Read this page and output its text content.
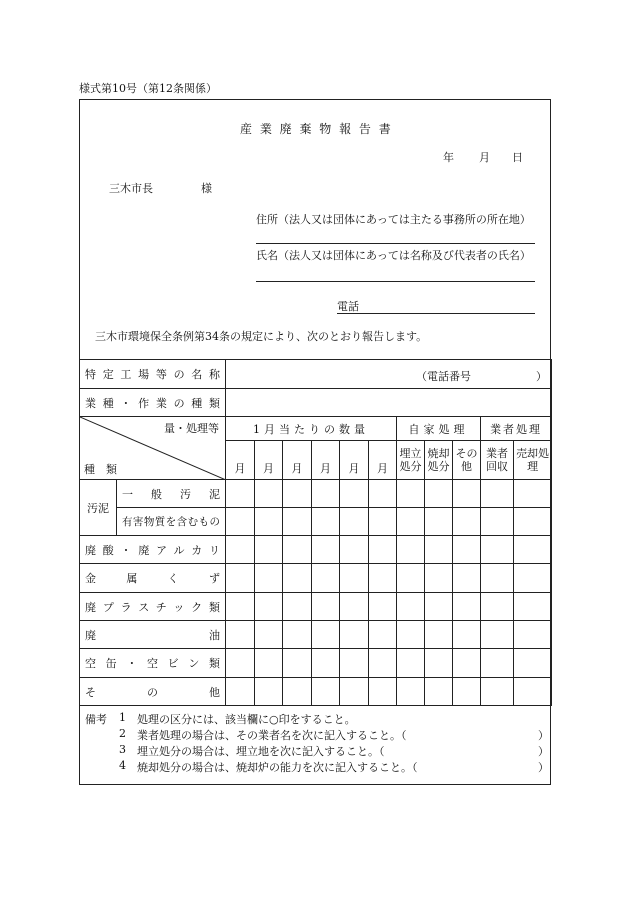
様式第10号（第12条関係）
産 業 廃 棄 物 報 告 書
年 月 日
三木市長	様
住所（法人又は団体にあっては主たる事務所の所在地）
氏名（法人又は団体にあっては名称及び代表者の氏名）
電話
三木市環境保全条例第34条の規定により、次のとおり報告します。
特定工場等の名称		（電話番号 ）										

業種・作業の種類												

量・処理等
種　類		1月当たりの数量						自家処理			業者処理	
		月	月	月	月	月	月	埋立処分	焼却処分	その他	業者回収	売却処理
汚泥	一般汚泥											
	有害物質を含むもの											
廃酸・廃アルカリ												
金属くず												
廃プラスチック類												
廃油												
空缶・空ビン類												
その他												
備考 1 処理の区分には、該当欄に○印をすること。
2 業者処理の場合は、その業者名を次に記入すること。（	）
3 埋立処分の場合は、埋立地を次に記入すること。（	）
4 焼却処分の場合は、焼却炉の能力を次に記入すること。（	）
